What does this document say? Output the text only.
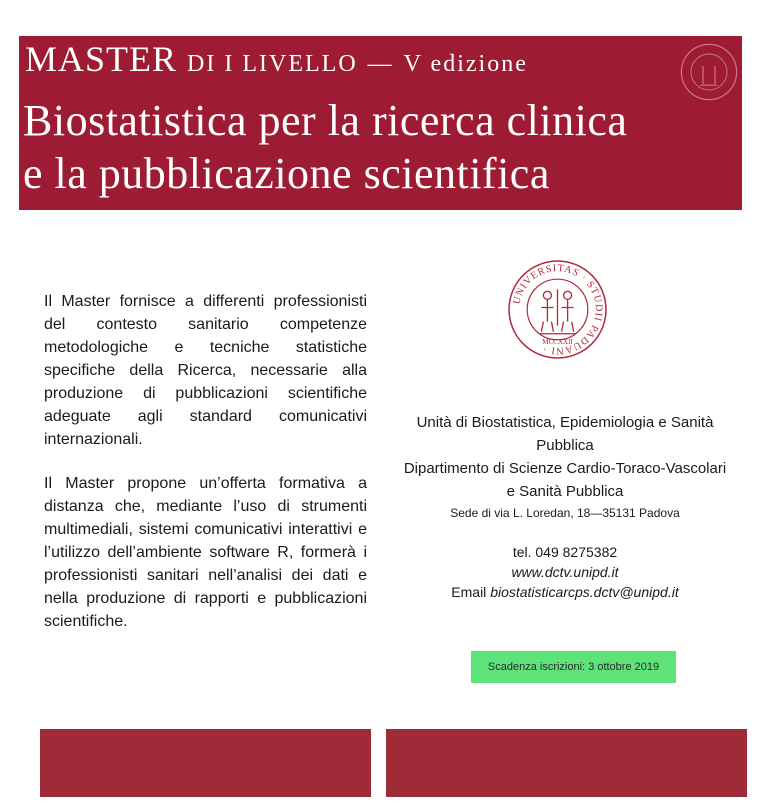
MASTER DI I LIVELLO — V edizione
Biostatistica per la ricerca clinica
e la pubblicazione scientifica
UNIVERSITAS · STUDII PADUANI ·
MCCXXII

Il Master fornisce a differenti professionisti del contesto sanitario competenze metodologiche e tecniche statistiche specifiche della Ricerca, necessarie alla produzione di pubblicazioni scientifiche adeguate agli standard comunicativi internazionali.

Il Master propone un’offerta formativa a distanza che, mediante l’uso di strumenti multimediali, sistemi comunicativi interattivi e l’utilizzo dell’ambiente software R, formerà i professionisti sanitari nell’analisi dei dati e nella produzione di rapporti e pubblicazioni scientifiche.

Unità di Biostatistica, Epidemiologia e Sanità Pubblica
Dipartimento di Scienze Cardio-Toraco-Vascolari e Sanità Pubblica
Sede di via L. Loredan, 18—35131 Padova
tel. 049 8275382
www.dctv.unipd.it
Email biostatisticarcps.dctv@unipd.it
Scadenza iscrizioni: 3 ottobre 2019
